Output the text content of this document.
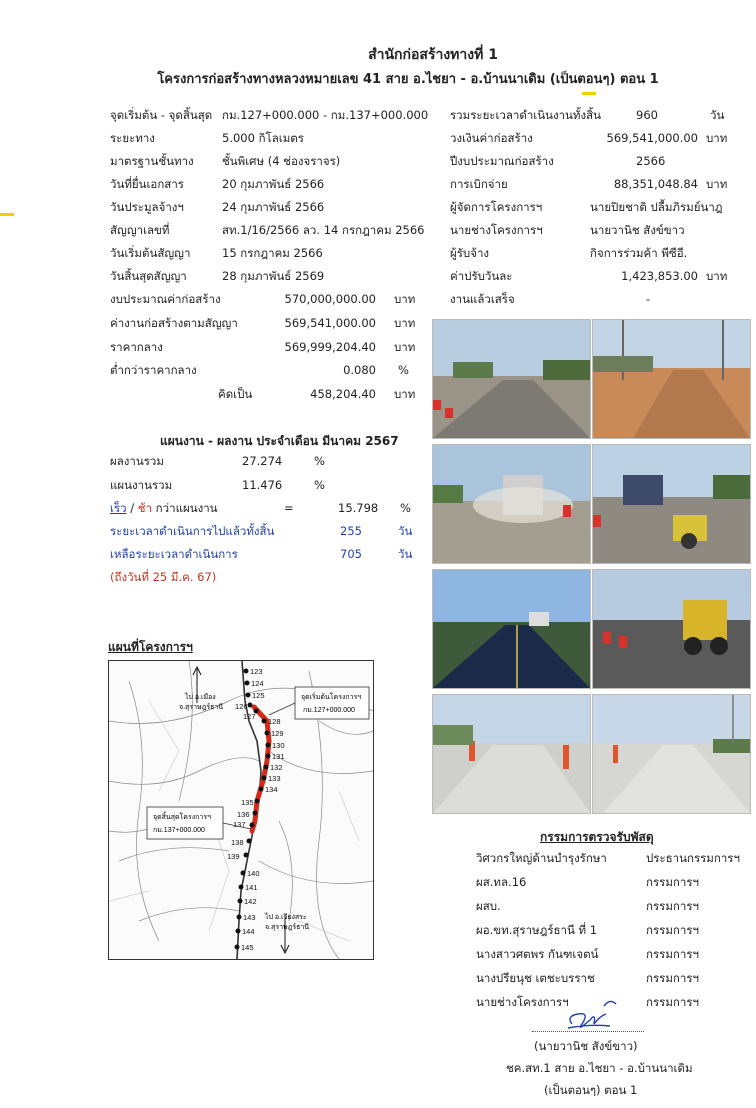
สำนักก่อสร้างทางที่ 1
โครงการก่อสร้างทางหลวงหมายเลข 41 สาย อ.ไชยา - อ.บ้านนาเดิม (เป็นตอนๆ) ตอน 1
จุดเริ่มต้น - จุดสิ้นสุด กม.127+000.000 - กม.137+000.000
ระยะทาง	5.000 กิโลเมตร
มาตรฐานชั้นทาง ชั้นพิเศษ (4 ช่องจราจร)
วันที่ยื่นเอกสาร	20 กุมภาพันธ์ 2566
วันประมูลจ้างฯ	24 กุมภาพันธ์ 2566
สัญญาเลขที่	สท.1/16/2566 ลว. 14 กรกฎาคม 2566
วันเริ่มต้นสัญญา	15 กรกฎาคม 2566
วันสิ้นสุดสัญญา	28 กุมภาพันธ์ 2569
งบประมาณค่าก่อสร้าง	570,000,000.00 บาท
ค่างานก่อสร้างตามสัญญา	569,541,000.00 บาท
ราคากลาง	569,999,204.40 บาท
ต่ำกว่าราคากลาง	0.080 %
คิดเป็น	458,204.40 บาท
รวมระยะเวลาดำเนินงานทั้งสิ้น	960	วัน
วงเงินค่าก่อสร้าง	569,541,000.00 บาท
ปีงบประมาณก่อสร้าง	2566
การเบิกจ่าย	88,351,048.84 บาท
ผู้จัดการโครงการฯ	นายปิยชาติ ปลื้มภิรมย์นาฎ
นายช่างโครงการฯ	นายวานิช สังข์ขาว
ผู้รับจ้าง	กิจการร่วมค้า พีซีอี.
ค่าปรับวันละ	1,423,853.00 บาท
งานแล้วเสร็จ	-
แผนงาน - ผลงาน ประจำเดือน มีนาคม 2567
ผลงานรวม	27.274	%
แผนงานรวม	11.476	%
เร็ว / ช้า กว่าแผนงาน	=	15.798 %
ระยะเวลาดำเนินการไปแล้วทั้งสิ้น	255	วัน
เหลือระยะเวลาดำเนินการ	705	วัน
(ถึงวันที่ 25 มี.ค. 67)
แผนที่โครงการฯ
123
124
125
126
127
128
129
130
131
132
133
134
135
136
137
138
139
140
141
142
143
144
145
ไป อ.เมือง
จ.สุราษฎร์ธานี
จุดเริ่มต้นโครงการฯ
กม.127+000.000
จุดสิ้นสุดโครงการฯ
กม.137+000.000
ไป อ.เวียงสระ
จ.สุราษฎร์ธานี
กรรมการตรวจรับพัสดุ
วิศวกรใหญ่ด้านบำรุงรักษา	ประธานกรรมการฯ
ผส.ทล.16	กรรมการฯ
ผสบ.	กรรมการฯ
ผอ.ขท.สุราษฎร์ธานี ที่ 1	กรรมการฯ
นางสาวศตพร กันฑเจตน์	กรรมการฯ
นางปรียนุช เตชะบรราช	กรรมการฯ
นายช่างโครงการฯ	กรรมการฯ
(นายวานิช สังข์ขาว)
ชค.สท.1 สาย อ.ไชยา - อ.บ้านนาเดิม
(เป็นตอนๆ) ตอน 1
